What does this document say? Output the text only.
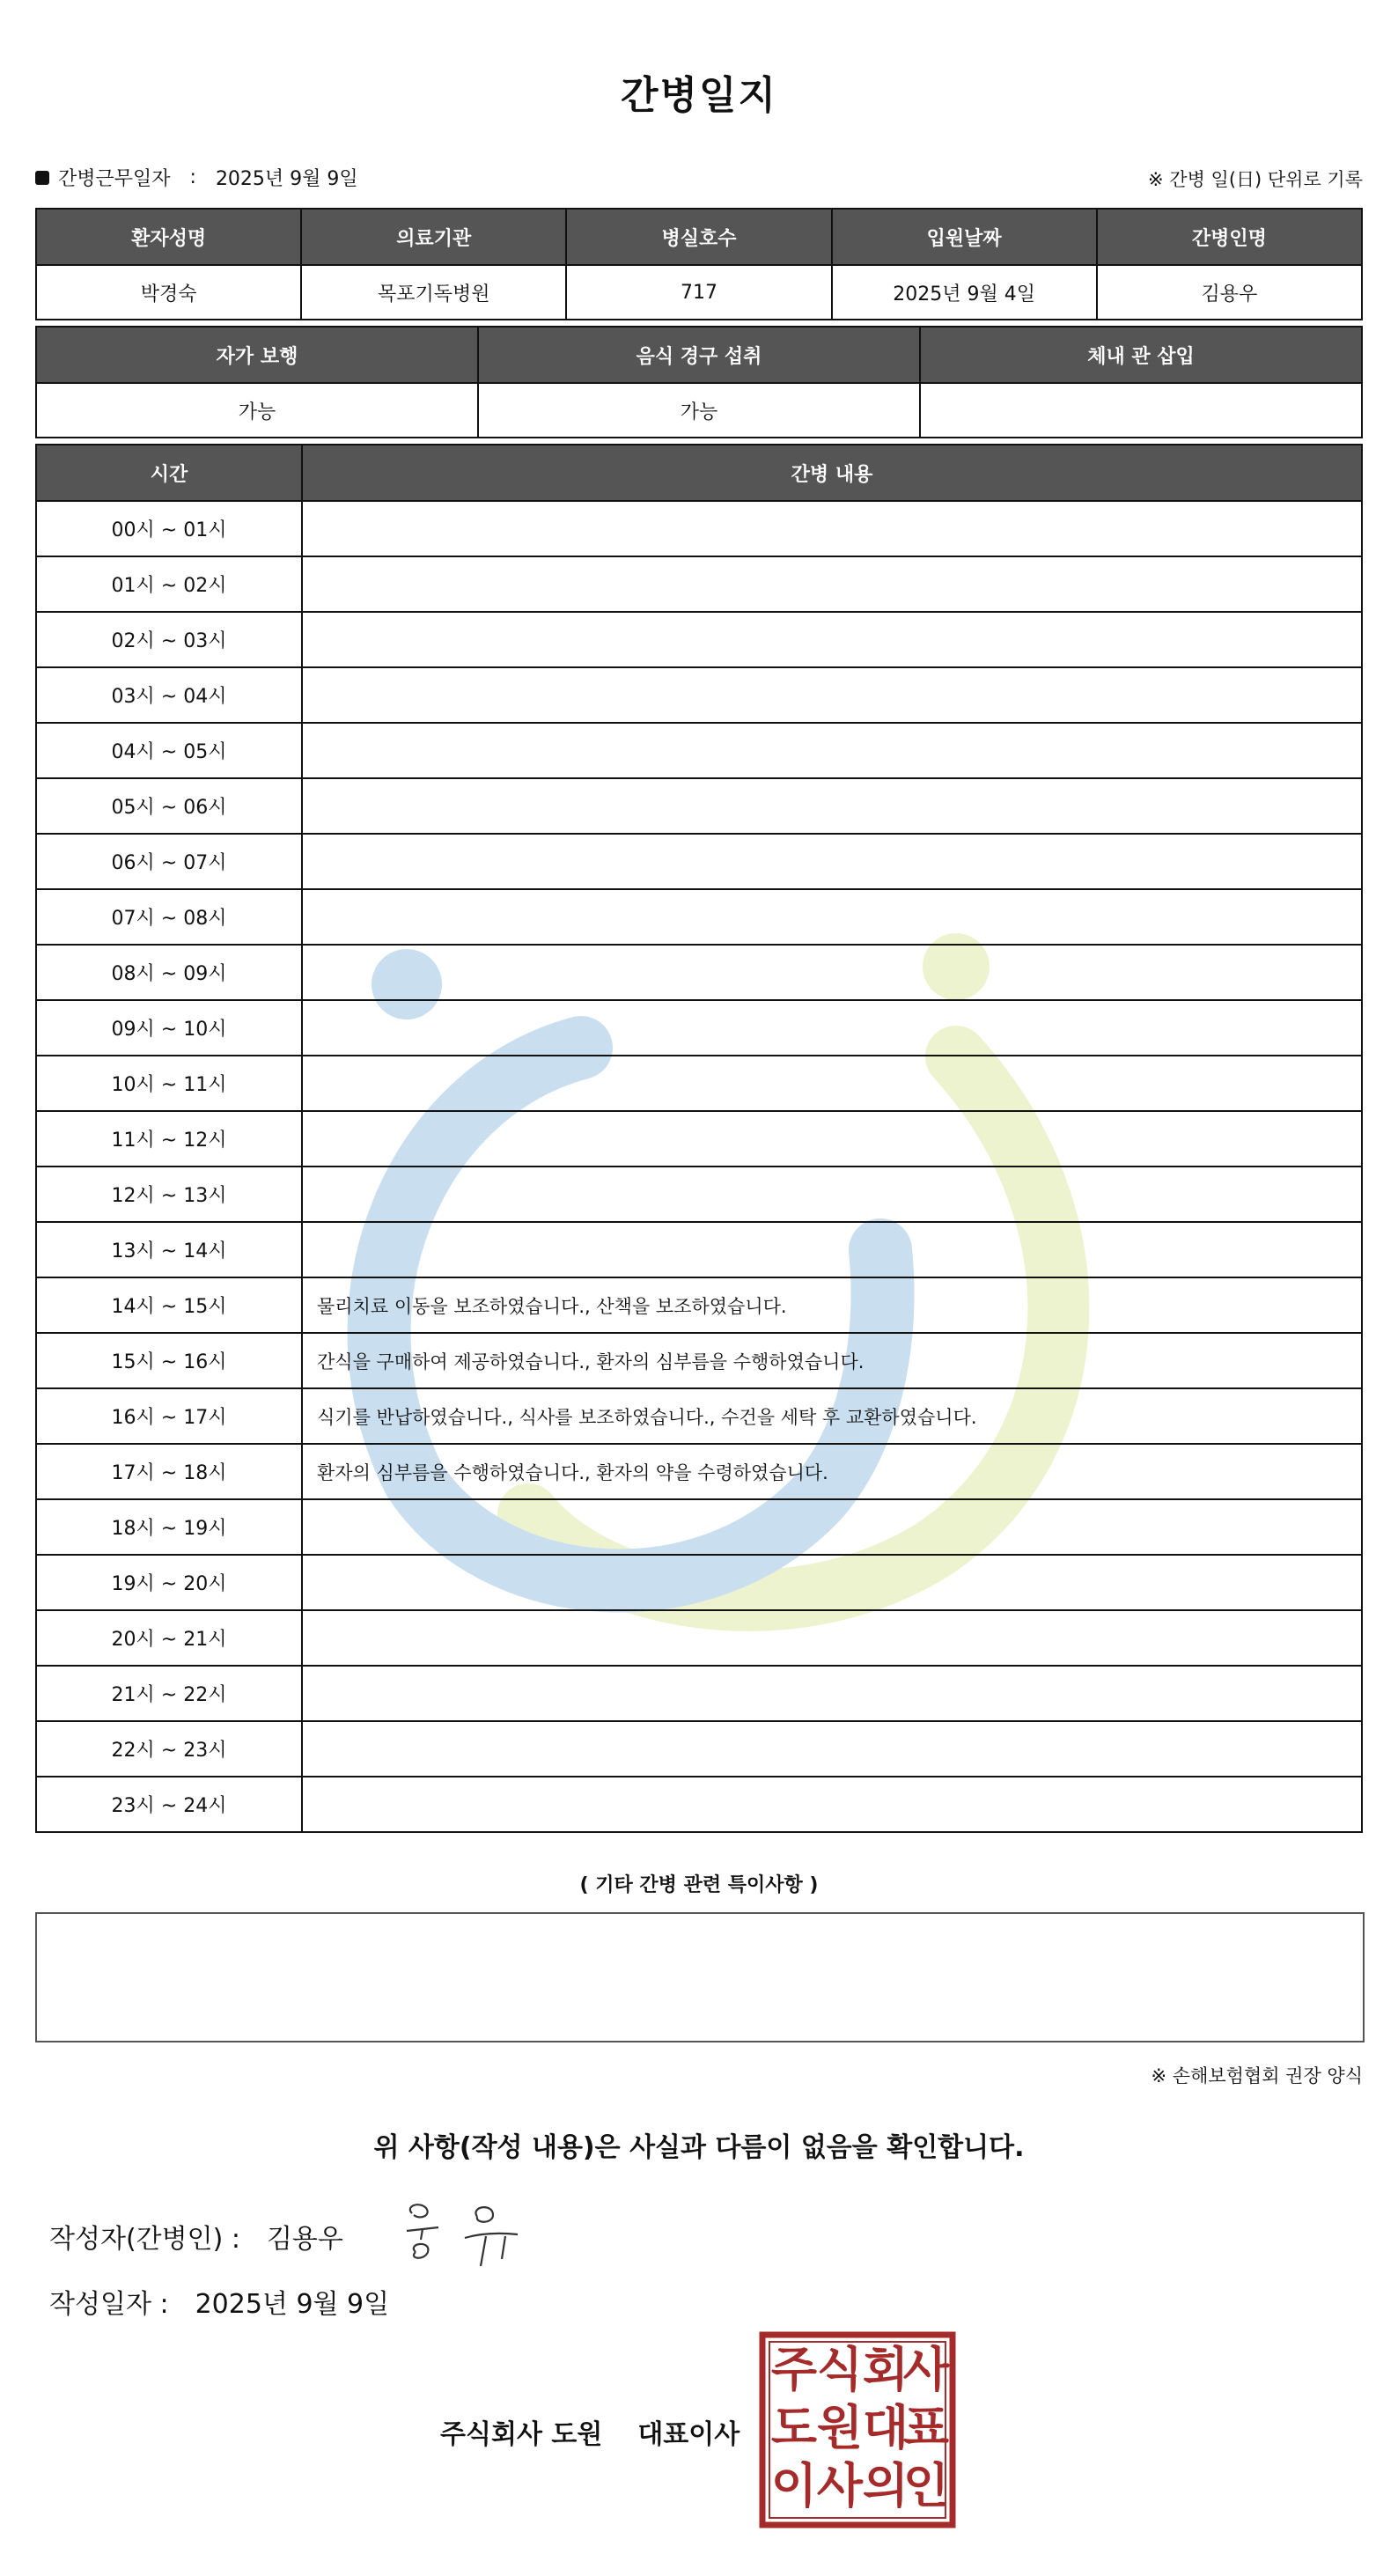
간병일지
간병근무일자 : 2025년 9월 9일	※ 간병 일(日) 단위로 기록
환자성명	의료기관	병실호수	입원날짜	간병인명
박경숙	목포기독병원	717	2025년 9월 4일	김용우
자가 보행	음식 경구 섭취	체내 관 삽입
가능	가능	
시간	간병 내용
00시 ~ 01시	
01시 ~ 02시	
02시 ~ 03시	
03시 ~ 04시	
04시 ~ 05시	
05시 ~ 06시	
06시 ~ 07시	
07시 ~ 08시	
08시 ~ 09시	
09시 ~ 10시	
10시 ~ 11시	
11시 ~ 12시	
12시 ~ 13시	
13시 ~ 14시	
14시 ~ 15시	물리치료 이동을 보조하였습니다., 산책을 보조하였습니다.
15시 ~ 16시	간식을 구매하여 제공하였습니다., 환자의 심부름을 수행하였습니다.
16시 ~ 17시	식기를 반납하였습니다., 식사를 보조하였습니다., 수건을 세탁 후 교환하였습니다.
17시 ~ 18시	환자의 심부름을 수행하였습니다., 환자의 약을 수령하였습니다.
18시 ~ 19시	
19시 ~ 20시	
20시 ~ 21시	
21시 ~ 22시	
22시 ~ 23시	
23시 ~ 24시	
( 기타 간병 관련 특이사항 )
※ 손해보험협회 권장 양식
위 사항(작성 내용)은 사실과 다름이 없음을 확인합니다.
작성자(간병인) : 김용우
작성일자 : 2025년 9월 9일
주식회사 도원 대표이사
주 식 회
사
도 원 대
표
이 사 의
인
